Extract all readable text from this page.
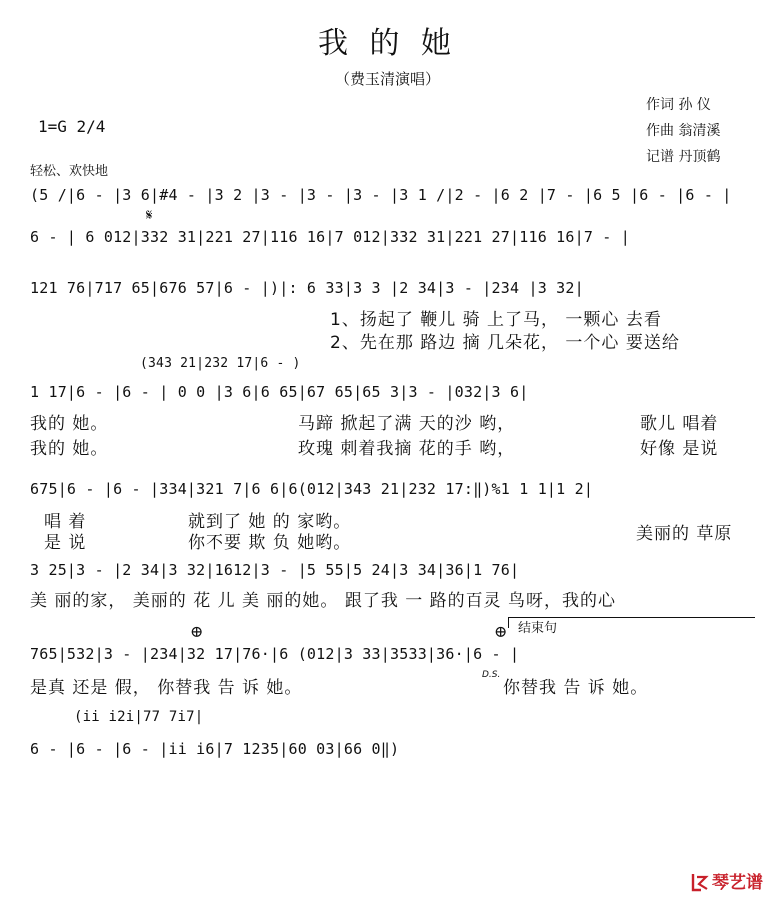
我 的 她
（费玉清演唱）
作词 孙 仪
作曲 翁清溪
记谱 丹顶鹤
1=G 2/4
轻松、欢快地
(5 /|6 - |3 6|#4 - |3 2 |3 - |3 - |3 - |3 1 /|2 - |6 2 |7 - |6 5 |6 - |6 - |
𝄋
6 - | 6 012|332 31|221 27|116 16|7 012|332 31|221 27|116 16|7 - |
121 76|717 65|676 57|6 - |)|: 6 33|3 3 |2 34|3 - |234 |3 32|
1、扬起了 鞭儿 骑 上了马， 一颗心 去看
2、先在那 路边 摘 几朵花， 一个心 要送给
(343 21|232 17|6 - )
1 17|6 - |6 - | 0 0 |3 6|6 65|67 65|65 3|3 - |032|3 6|
我的 她。	马蹄 掀起了满 天的沙 哟，	歌儿 唱着
我的 她。	玫瑰 刺着我摘 花的手 哟，	好像 是说
675|6 - |6 - |334|321 7|6 6|6(012|343 21|232 17:‖)%1 1 1|1 2|
唱 着	就到了 她 的 家哟。
是 说	你不要 欺 负 她哟。	美丽的 草原
3 25|3 - |2 34|3 32|1612|3 - |5 55|5 24|3 34|36|1 76|
美 丽的家， 美丽的 花 儿 美 丽的她。 跟了我 一 路的百灵 鸟呀，我的心
⊕	⊕ 结束句
765|532|3 - |234|32 17|76·|6 (012|3 33|3533|36·|6 - |
是真 还是 假， 你替我 告 诉 她。
D.S.
你替我 告 诉 她。
(ii i2i|77 7i7|
6 - |6 - |6 - |ii i6|7 1235|60 03|66 0‖)
琴艺谱
